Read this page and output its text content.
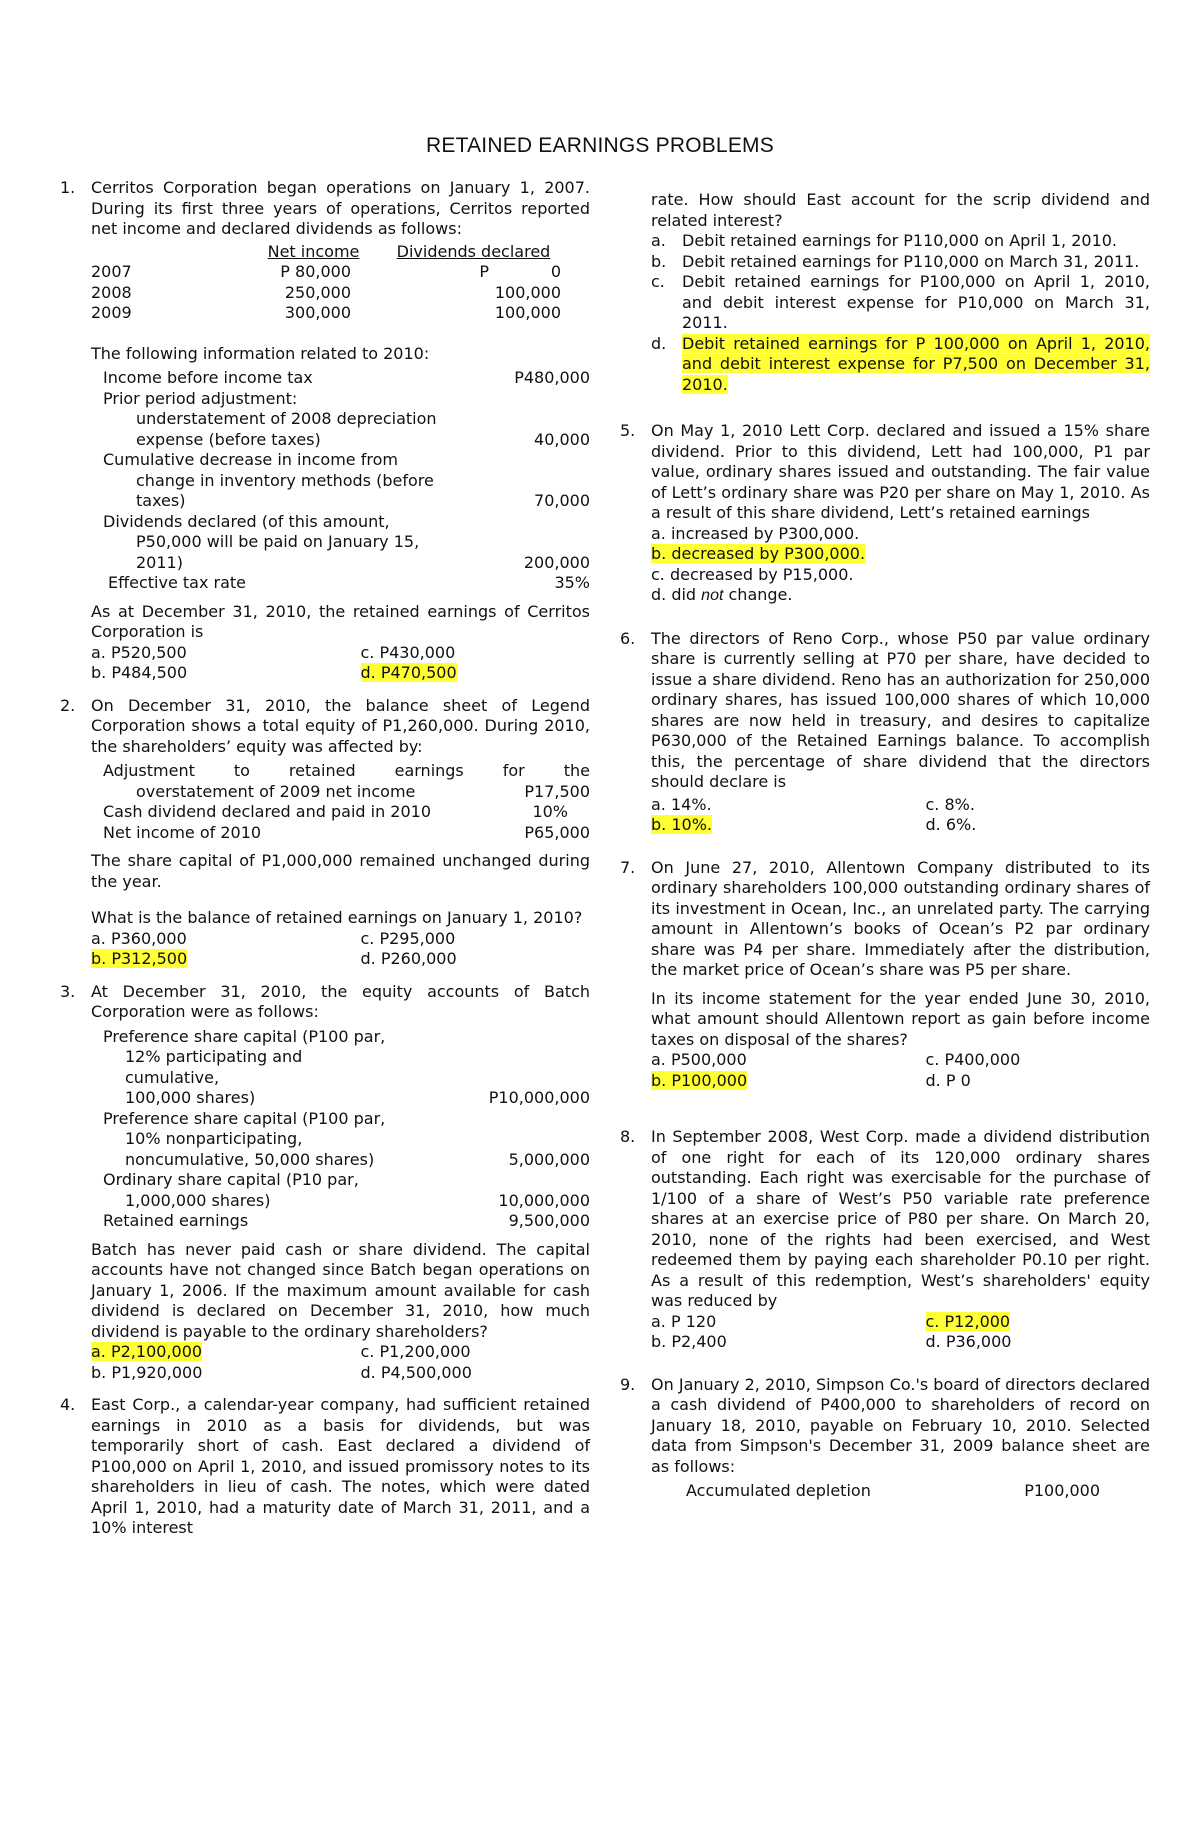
RETAINED EARNINGS PROBLEMS
1. Cerritos Corporation began operations on January 1, 2007. During its first three years of operations, Cerritos reported net income and declared dividends as follows:

Net income	Dividends declared
2007	P 80,000	P	0
2008	250,000	100,000
2009	300,000	100,000

The following information related to 2010:

Income before income tax	P480,000
Prior period adjustment:
understatement of 2008 depreciation
expense (before taxes)	40,000
Cumulative decrease in income from
change in inventory methods (before
taxes)	70,000
Dividends declared (of this amount,
P50,000 will be paid on January 15,
2011)	200,000
Effective tax rate	35%

As at December 31, 2010, the retained earnings of Cerritos Corporation is

a. P520,500	c. P430,000
b. P484,500	d. P470,500
2. On December 31, 2010, the balance sheet of Legend Corporation shows a total equity of P1,260,000. During 2010, the shareholders’ equity was affected by:

Adjustment to retained earnings for the
overstatement of 2009 net income	P17,500
Cash dividend declared and paid in 2010	10%
Net income of 2010	P65,000

The share capital of P1,000,000 remained unchanged during the year.

What is the balance of retained earnings on January 1, 2010?

a. P360,000	c. P295,000
b. P312,500	d. P260,000
3. At December 31, 2010, the equity accounts of Batch Corporation were as follows:

Preference share capital (P100 par,
12% participating and
cumulative,
100,000 shares)	P10,000,000
Preference share capital (P100 par,
10% nonparticipating,
noncumulative, 50,000 shares)	5,000,000
Ordinary share capital (P10 par,
1,000,000 shares)	10,000,000
Retained earnings	9,500,000

Batch has never paid cash or share dividend. The capital accounts have not changed since Batch began operations on January 1, 2006. If the maximum amount available for cash dividend is declared on December 31, 2010, how much dividend is payable to the ordinary shareholders?

a. P2,100,000	c. P1,200,000
b. P1,920,000	d. P4,500,000
4. East Corp., a calendar-year company, had sufficient retained earnings in 2010 as a basis for dividends, but was temporarily short of cash. East declared a dividend of P100,000 on April 1, 2010, and issued promissory notes to its shareholders in lieu of cash. The notes, which were dated April 1, 2010, had a maturity date of March 31, 2011, and a 10% interest

rate. How should East account for the scrip dividend and related interest?

a.	Debit retained earnings for P110,000 on April 1, 2010.
b. Debit retained earnings for P110,000 on March 31, 2011.
c.	Debit retained earnings for P100,000 on April 1, 2010, and debit interest expense for P10,000 on March 31, 2011.
d. Debit retained earnings for P 100,000 on April 1, 2010, and debit interest expense for P7,500 on December 31, 2010.
5. On May 1, 2010 Lett Corp. declared and issued a 15% share dividend. Prior to this dividend, Lett had 100,000, P1 par value, ordinary shares issued and outstanding. The fair value of Lett’s ordinary share was P20 per share on May 1, 2010. As a result of this share dividend, Lett’s retained earnings

a. increased by P300,000.
b. decreased by P300,000.
c. decreased by P15,000.
d. did not change.
6. The directors of Reno Corp., whose P50 par value ordinary share is currently selling at P70 per share, have decided to issue a share dividend. Reno has an authorization for 250,000 ordinary shares, has issued 100,000 shares of which 10,000 shares are now held in treasury, and desires to capitalize P630,000 of the Retained Earnings balance. To accomplish this, the percentage of share dividend that the directors should declare is

a. 14%.	c. 8%.
b. 10%.	d. 6%.
7. On June 27, 2010, Allentown Company distributed to its ordinary shareholders 100,000 outstanding ordinary shares of its investment in Ocean, Inc., an unrelated party. The carrying amount in Allentown’s books of Ocean’s P2 par ordinary share was P4 per share. Immediately after the distribution, the market price of Ocean’s share was P5 per share.

In its income statement for the year ended June 30, 2010, what amount should Allentown report as gain before income taxes on disposal of the shares?

a. P500,000	c. P400,000
b. P100,000	d. P 0
8. In September 2008, West Corp. made a dividend distribution of one right for each of its 120,000 ordinary shares outstanding. Each right was exercisable for the purchase of 1/100 of a share of West’s P50 variable rate preference shares at an exercise price of P80 per share. On March 20, 2010, none of the rights had been exercised, and West redeemed them by paying each shareholder P0.10 per right. As a result of this redemption, West’s shareholders' equity was reduced by

a. P 120	c. P12,000
b. P2,400	d. P36,000
9. On January 2, 2010, Simpson Co.'s board of directors declared a cash dividend of P400,000 to shareholders of record on January 18, 2010, payable on February 10, 2010. Selected data from Simpson's December 31, 2009 balance sheet are as follows:

Accumulated depletion	P100,000
